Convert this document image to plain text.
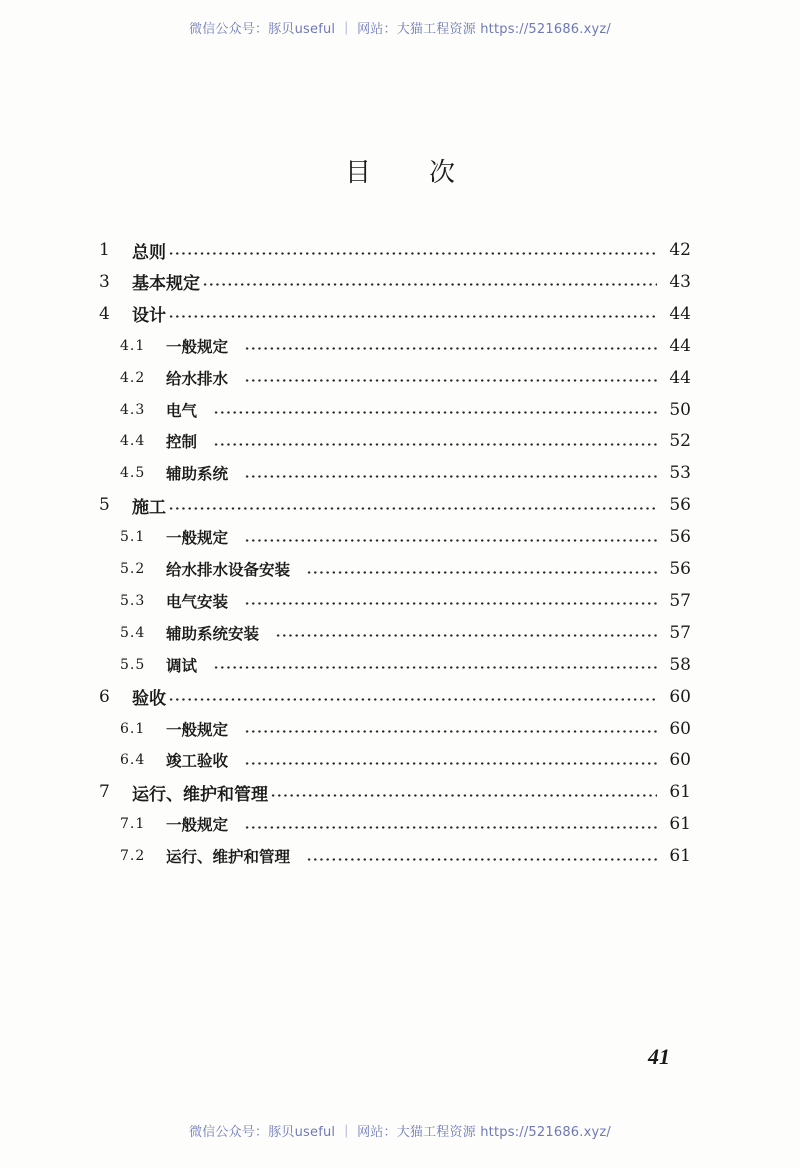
微信公众号：豚贝useful ｜ 网站：大猫工程资源 https://521686.xyz/
目次
1	总则	42
3	基本规定	43
4	设计	44
4.1	一般规定	44
4.2	给水排水	44
4.3	电气	50
4.4	控制	52
4.5	辅助系统	53
5	施工	56
5.1	一般规定	56
5.2	给水排水设备安装	56
5.3	电气安装	57
5.4	辅助系统安装	57
5.5	调试	58
6	验收	60
6.1	一般规定	60
6.4	竣工验收	60
7	运行、维护和管理	61
7.1	一般规定	61
7.2	运行、维护和管理	61
41
微信公众号：豚贝useful ｜ 网站：大猫工程资源 https://521686.xyz/
